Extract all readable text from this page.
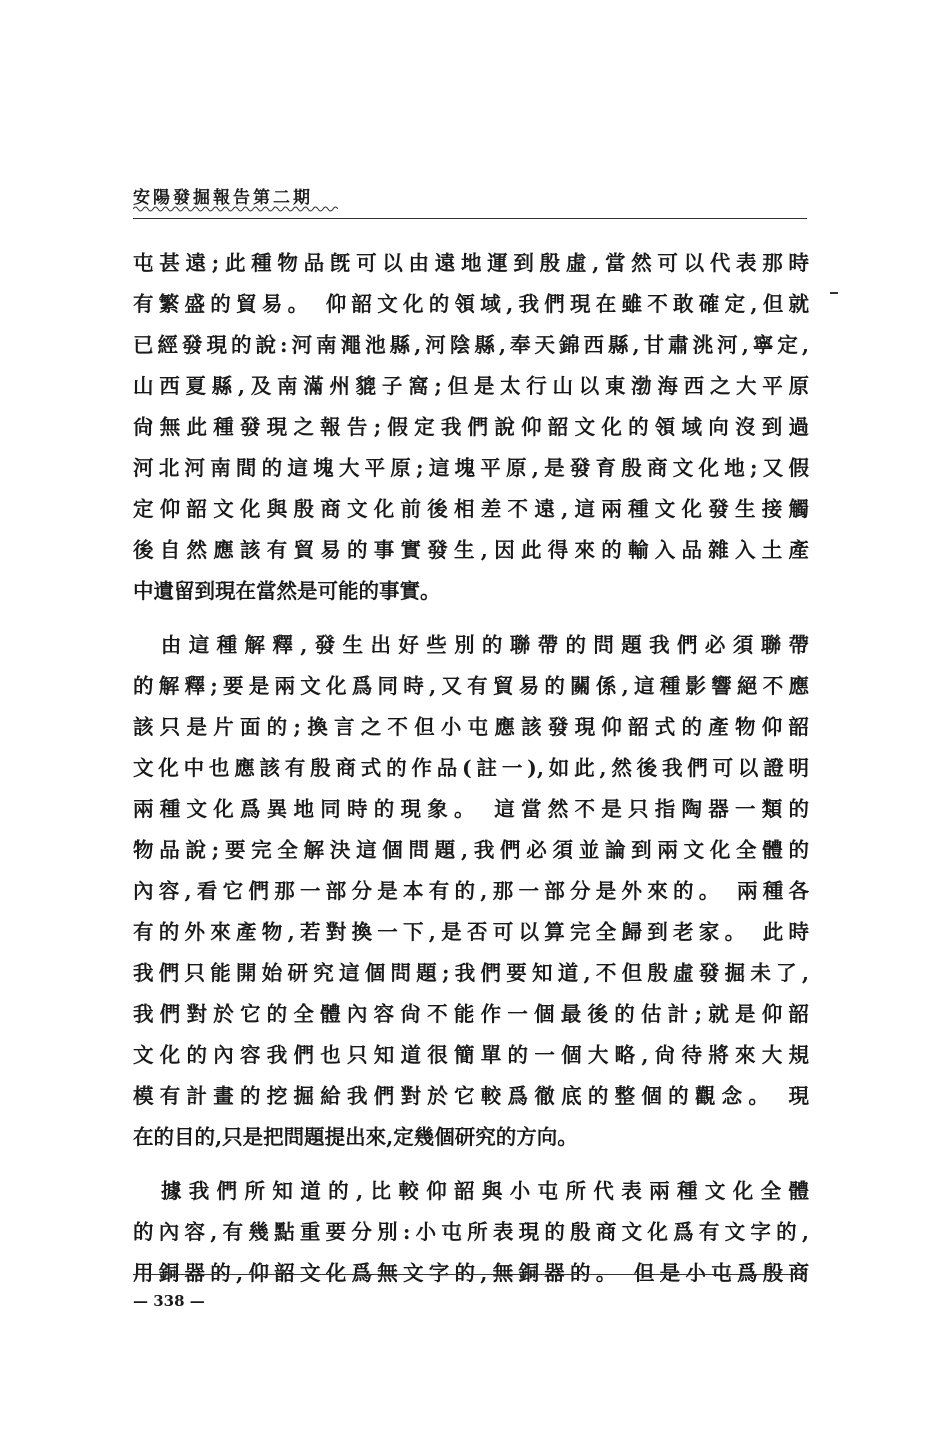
安陽發掘報告第二期
屯甚遠;此種物品旣可以由遠地運到殷虛,當然可以代表那時
有繁盛的貿易。 仰韶文化的領域,我們現在雖不敢確定,但就
已經發現的說:河南澠池縣,河陰縣,奉天錦西縣,甘肅洮河,寧定,
山西夏縣,及南滿州貔子窩;但是太行山以東渤海西之大平原
尙無此種發現之報告;假定我們說仰韶文化的領域向沒到過
河北河南間的這塊大平原;這塊平原,是發育殷商文化地;又假
定仰韶文化與殷商文化前後相差不遠,這兩種文化發生接觸
後自然應該有貿易的事實發生,因此得來的輸入品雜入土產
中遺留到現在當然是可能的事實。
　由這種解釋,發生出好些別的聯帶的問題我們必須聯帶
的解釋;要是兩文化爲同時,又有貿易的關係,這種影響絕不應
該只是片面的;換言之不但小屯應該發現仰韶式的產物仰韶
文化中也應該有殷商式的作品(註一),如此,然後我們可以證明
兩種文化爲異地同時的現象。 這當然不是只指陶器一類的
物品說;要完全解決這個問題,我們必須並論到兩文化全體的
內容,看它們那一部分是本有的,那一部分是外來的。 兩種各
有的外來產物,若對換一下,是否可以算完全歸到老家。 此時
我們只能開始研究這個問題;我們要知道,不但殷虛發掘未了,
我們對於它的全體內容尙不能作一個最後的估計;就是仰韶
文化的內容我們也只知道很簡單的一個大略,尙待將來大規
模有計畫的挖掘給我們對於它較爲徹底的整個的觀念。 現
在的目的,只是把問題提出來,定幾個研究的方向。
　據我們所知道的,比較仰韶與小屯所代表兩種文化全體
的內容,有幾點重要分別:小屯所表現的殷商文化爲有文字的,
用銅器的,仰韶文化爲無文字的,無銅器的。 但是小屯爲殷商
— 338 —
